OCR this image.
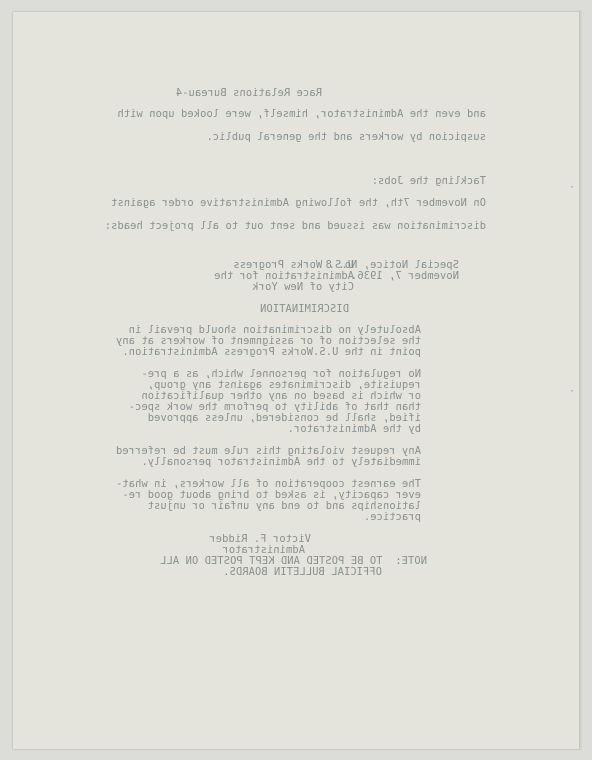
Race Relations Bureau-4
and even the Administrator, himself, were looked upon with
suspicion by workers and the general public.
Tackling the Jobs:
On November 7th, the following Administrative order against
discrimination was issued and sent out to all project heads:
U.S. Works Progress
Administration for the
City of New York
Special Notice, No. 8
November 7, 1936.
DISCRIMINATION
Absolutely no discrimination should prevail in
the selection of or assignment of workers at any
point in the U.S.Works Progress Administration.
No regulation for personnel which, as a pre-
requisite, discriminates against any group,
or which is based on any other qualification
than that of ability to perform the work spec-
ified, shall be considered, unless approved
by the Administrator.
Any request violating this rule must be referred
immediately to the Administrator personally.
The earnest cooperation of all workers, in what-
ever capacity, is asked to bring about good re-
lationships and to end any unfair or unjust
practice.
Victor F. Ridder
Administrator
NOTE:  TO BE POSTED AND KEPT POSTED ON ALL
OFFICIAL BULLETIN BOARDS.
·
·
